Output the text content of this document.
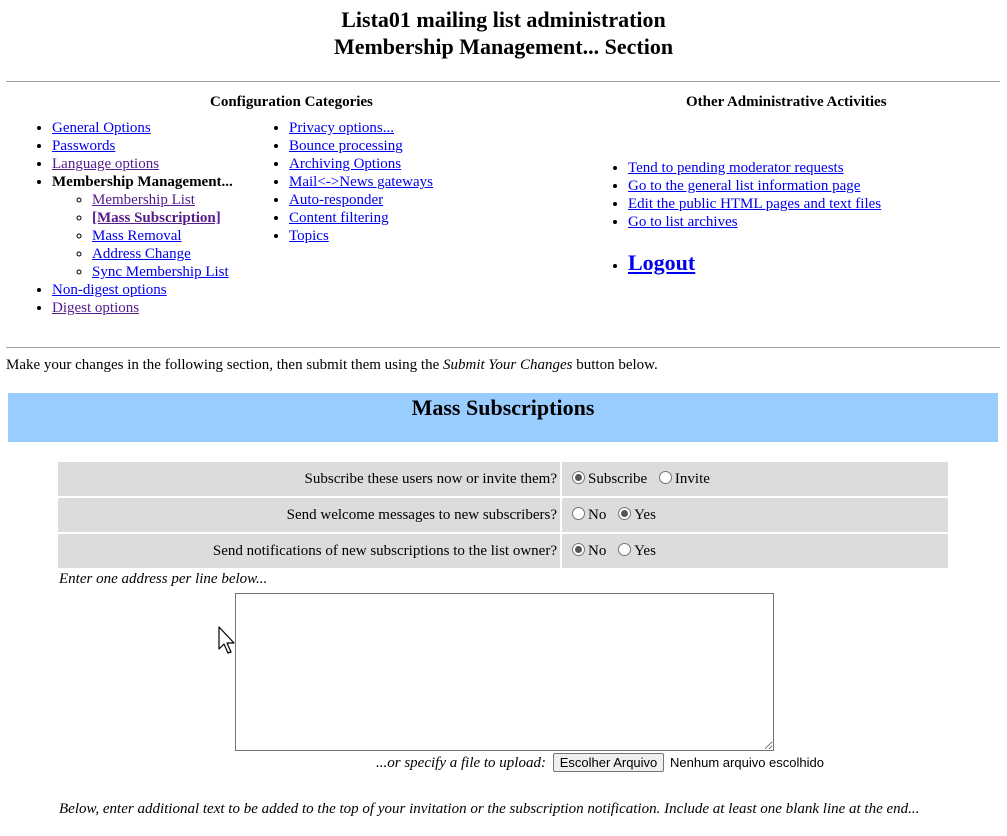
Lista01 mailing list administration
Membership Management... Section
Configuration Categories
• General Options
• Passwords
• Language options
• Membership Management...
◦ Membership List
◦ [Mass Subscription]
◦ Mass Removal
◦ Address Change
◦ Sync Membership List
• Non-digest options
• Digest options
• Privacy options...
• Bounce processing
• Archiving Options
• Mail<->News gateways
• Auto-responder
• Content filtering
• Topics
Other Administrative Activities
• Tend to pending moderator requests
• Go to the general list information page
• Edit the public HTML pages and text files
• Go to list archives
• Logout
Make your changes in the following section, then submit them using the Submit Your Changes button below.
Mass Subscriptions
Subscribe these users now or invite them?	Subscribe Invite
Send welcome messages to new subscribers?	No Yes
Send notifications of new subscriptions to the list owner?	No Yes
Enter one address per line below...
...or specify a file to upload: Escolher Arquivo Nenhum arquivo escolhido
Below, enter additional text to be added to the top of your invitation or the subscription notification. Include at least one blank line at the end...
